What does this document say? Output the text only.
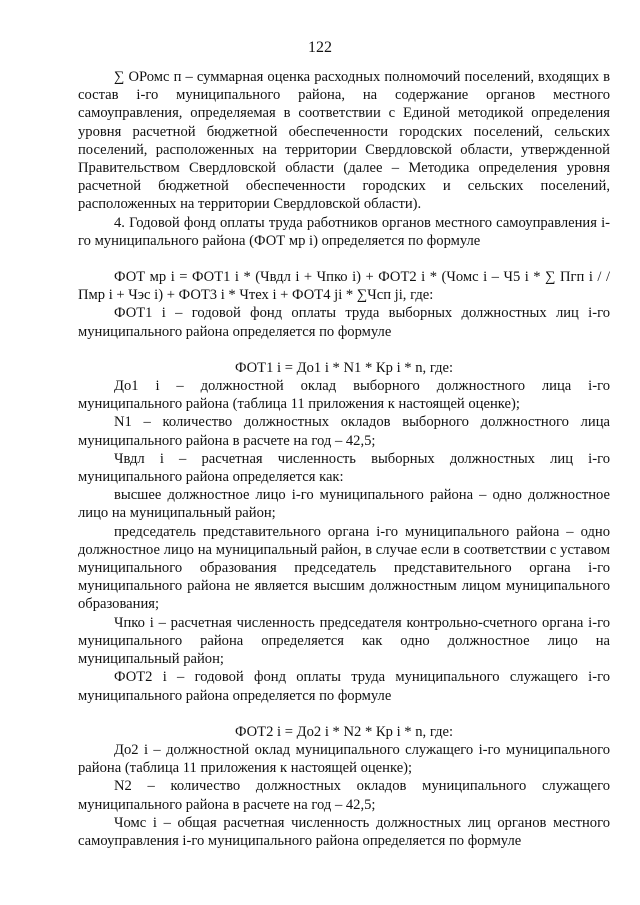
122

∑ ОРомс п – суммарная оценка расходных полномочий поселений, входящих в состав i-го муниципального района, на содержание органов местного самоуправления, определяемая в соответствии с Единой методикой определения уровня расчетной бюджетной обеспеченности городских поселений, сельских поселений, расположенных на территории Свердловской области, утвержденной Правительством Свердловской области (далее – Методика определения уровня расчетной бюджетной обеспеченности городских и сельских поселений, расположенных на территории Свердловской области).

4. Годовой фонд оплаты труда работников органов местного самоуправления i-го муниципального района (ФОТ мр i) определяется по формуле

ФОТ мр i = ФОТ1 i * (Чвдл i + Чпко i) + ФОТ2 i * (Чомс i – Ч5 i * ∑ Пгп i / / Пмр i + Чэс i) + ФОТ3 i * Чтех i + ФОТ4 ji * ∑Чсп ji, где:

ФОТ1 i – годовой фонд оплаты труда выборных должностных лиц i-го муниципального района определяется по формуле

ФОТ1 i = До1 i * N1 * Кр i * n, где:

До1 i – должностной оклад выборного должностного лица i-го муниципального района (таблица 11 приложения к настоящей оценке);

N1 – количество должностных окладов выборного должностного лица муниципального района в расчете на год – 42,5;

Чвдл i – расчетная численность выборных должностных лиц i-го муниципального района определяется как:

высшее должностное лицо i-го муниципального района – одно должностное лицо на муниципальный район;

председатель представительного органа i-го муниципального района – одно должностное лицо на муниципальный район, в случае если в соответствии с уставом муниципального образования председатель представительного органа i-го муниципального района не является высшим должностным лицом муниципального образования;

Чпко i – расчетная численность председателя контрольно-счетного органа i-го муниципального района определяется как одно должностное лицо на муниципальный район;

ФОТ2 i – годовой фонд оплаты труда муниципального служащего i-го муниципального района определяется по формуле

ФОТ2 i = До2 i * N2 * Кр i * n, где:

До2 i – должностной оклад муниципального служащего i-го муниципального района (таблица 11 приложения к настоящей оценке);

N2 – количество должностных окладов муниципального служащего муниципального района в расчете на год – 42,5;

Чомс i – общая расчетная численность должностных лиц органов местного самоуправления i-го муниципального района определяется по формуле
